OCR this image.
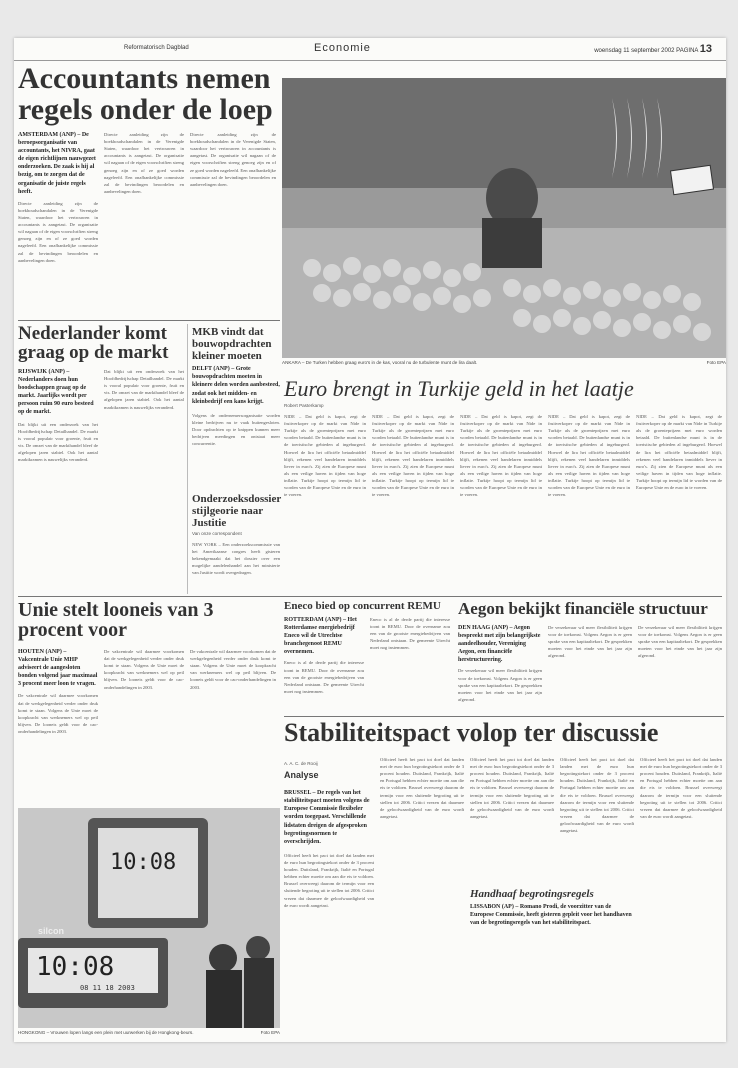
Reformatorisch Dagblad	Economie	woensdag 11 september 2002 PAGINA 13
Accountants nemen regels onder de loep

AMSTERDAM (ANP) – De beroepsorganisatie van accountants, het NIVRA, gaat de eigen richtlijnen nauwgezet onderzoeken. De zaak is hij al bezig, om te zorgen dat de organisatie de juiste regels heeft.

Directe aanleiding zijn de boekhoudschandalen in de Verenigde Staten, waardoor het vertrouwen in accountants is aangetast. De organisatie wil nagaan of de eigen voorschriften streng genoeg zijn en of ze goed worden nageleefd. Een onafhankelijke commissie zal de bevindingen beoordelen en aanbevelingen doen.

Directe aanleiding zijn de boekhoudschandalen in de Verenigde Staten, waardoor het vertrouwen in accountants is aangetast. De organisatie wil nagaan of de eigen voorschriften streng genoeg zijn en of ze goed worden nageleefd. Een onafhankelijke commissie zal de bevindingen beoordelen en aanbevelingen doen.

Directe aanleiding zijn de boekhoudschandalen in de Verenigde Staten, waardoor het vertrouwen in accountants is aangetast. De organisatie wil nagaan of de eigen voorschriften streng genoeg zijn en of ze goed worden nageleefd. Een onafhankelijke commissie zal de bevindingen beoordelen en aanbevelingen doen.

ANKARA – De Turken hebben graag euro's in de kas, vooral nu de turbulente munt de lira daalt.	Foto EPA
Nederlander komt graag op de markt

RIJSWIJK (ANP) – Nederlanders doen hun boodschappen graag op de markt. Jaarlijks wordt per persoon ruim 90 euro besteed op de markt.

Dat blijkt uit een onderzoek van het Hoofdbedrijfschap Detailhandel. De markt is vooral populair voor groente, fruit en vis. De omzet van de markthandel bleef de afgelopen jaren stabiel. Ook het aantal marktkramen is nauwelijks veranderd.

Dat blijkt uit een onderzoek van het Hoofdbedrijfschap Detailhandel. De markt is vooral populair voor groente, fruit en vis. De omzet van de markthandel bleef de afgelopen jaren stabiel. Ook het aantal marktkramen is nauwelijks veranderd.

MKB vindt dat bouwopdrachten kleiner moeten

DELFT (ANP) – Grote bouwopdrachten moeten in kleinere delen worden aanbesteed, zodat ook het midden- en kleinbedrijf een kans krijgt.

Volgens de ondernemersorganisatie worden kleine bedrijven nu te vaak buitengesloten. Door opdrachten op te knippen kunnen meer bedrijven meedingen en ontstaat meer concurrentie.

Onderzoeksdossier stijlgeorie naar Justitie

Van onze correspondent

NEW YORK – Een onderzoekscommissie van het Amerikaanse congres heeft gisteren bekendgemaakt dat het dossier over een mogelijke aandelenhandel aan het ministerie van Justitie wordt overgedragen.

Euro brengt in Turkije geld in het laatje

Robert Pasterkamp

NIDE – Dat geld is kapot, zegt de fruitverkoper op de markt van Nide in Turkije als de groenteprijzen met euro worden betaald. De buitenlandse munt is in de toeristische gebieden al ingeburgerd. Hoewel de lira het officiële betaalmiddel blijft, rekenen veel handelaren inmiddels liever in euro's. Zij zien de Europese munt als een veilige haven in tijden van hoge inflatie. Turkije hoopt op termijn lid te worden van de Europese Unie en de euro in te voeren.

NIDE – Dat geld is kapot, zegt de fruitverkoper op de markt van Nide in Turkije als de groenteprijzen met euro worden betaald. De buitenlandse munt is in de toeristische gebieden al ingeburgerd. Hoewel de lira het officiële betaalmiddel blijft, rekenen veel handelaren inmiddels liever in euro's. Zij zien de Europese munt als een veilige haven in tijden van hoge inflatie. Turkije hoopt op termijn lid te worden van de Europese Unie en de euro in te voeren.

NIDE – Dat geld is kapot, zegt de fruitverkoper op de markt van Nide in Turkije als de groenteprijzen met euro worden betaald. De buitenlandse munt is in de toeristische gebieden al ingeburgerd. Hoewel de lira het officiële betaalmiddel blijft, rekenen veel handelaren inmiddels liever in euro's. Zij zien de Europese munt als een veilige haven in tijden van hoge inflatie. Turkije hoopt op termijn lid te worden van de Europese Unie en de euro in te voeren.

NIDE – Dat geld is kapot, zegt de fruitverkoper op de markt van Nide in Turkije als de groenteprijzen met euro worden betaald. De buitenlandse munt is in de toeristische gebieden al ingeburgerd. Hoewel de lira het officiële betaalmiddel blijft, rekenen veel handelaren inmiddels liever in euro's. Zij zien de Europese munt als een veilige haven in tijden van hoge inflatie. Turkije hoopt op termijn lid te worden van de Europese Unie en de euro in te voeren.

NIDE – Dat geld is kapot, zegt de fruitverkoper op de markt van Nide in Turkije als de groenteprijzen met euro worden betaald. De buitenlandse munt is in de toeristische gebieden al ingeburgerd. Hoewel de lira het officiële betaalmiddel blijft, rekenen veel handelaren inmiddels liever in euro's. Zij zien de Europese munt als een veilige haven in tijden van hoge inflatie. Turkije hoopt op termijn lid te worden van de Europese Unie en de euro in te voeren.

Unie stelt looneis van 3 procent voor

HOUTEN (ANP) – Vakcentrale Unie MHP adviseert de aangesloten bonden volgend jaar maximaal 3 procent meer loon te vragen.

De vakcentrale wil daarmee voorkomen dat de werkgelegenheid verder onder druk komt te staan. Volgens de Unie moet de koopkracht van werknemers wel op peil blijven. De looneis geldt voor de cao-onderhandelingen in 2003.

De vakcentrale wil daarmee voorkomen dat de werkgelegenheid verder onder druk komt te staan. Volgens de Unie moet de koopkracht van werknemers wel op peil blijven. De looneis geldt voor de cao-onderhandelingen in 2003.

De vakcentrale wil daarmee voorkomen dat de werkgelegenheid verder onder druk komt te staan. Volgens de Unie moet de koopkracht van werknemers wel op peil blijven. De looneis geldt voor de cao-onderhandelingen in 2003.

Eneco bied op concurrent REMU

ROTTERDAM (ANP) – Het Rotterdamse energiebedrijf Eneco wil de Utrechtse branchegenoot REMU overnemen.

Eneco is al de derde partij die interesse toont in REMU. Door de overname zou een van de grootste energiebedrijven van Nederland ontstaan. De gemeente Utrecht moet nog instemmen.

Eneco is al de derde partij die interesse toont in REMU. Door de overname zou een van de grootste energiebedrijven van Nederland ontstaan. De gemeente Utrecht moet nog instemmen.

Aegon bekijkt financiële structuur

DEN HAAG (ANP) – Aegon bespreekt met zijn belangrijkste aandeelhouder, Vereniging Aegon, een financiële herstructurering.

De verzekeraar wil meer flexibiliteit krijgen voor de toekomst. Volgens Aegon is er geen sprake van een kapitaaltekort. De gesprekken moeten voor het einde van het jaar zijn afgerond.

De verzekeraar wil meer flexibiliteit krijgen voor de toekomst. Volgens Aegon is er geen sprake van een kapitaaltekort. De gesprekken moeten voor het einde van het jaar zijn afgerond.

De verzekeraar wil meer flexibiliteit krijgen voor de toekomst. Volgens Aegon is er geen sprake van een kapitaaltekort. De gesprekken moeten voor het einde van het jaar zijn afgerond.

10:08
silcon
10:08
08 11 18 2003
HONGKONG – Vrouwen lopen langs een plein met uurwerken bij de Hongkong-beurs.	Foto EPA
Stabiliteitspact volop ter discussie

A. A. C. de Rooij

Analyse

BRUSSEL – De regels van het stabiliteitspact moeten volgens de Europese Commissie flexibeler worden toegepast. Verschillende lidstaten dreigen de afgesproken begrotingsnormen te overschrijden.

Officieel heeft het pact tot doel dat landen met de euro hun begrotingstekort onder de 3 procent houden. Duitsland, Frankrijk, Italië en Portugal hebben echter moeite om aan die eis te voldoen. Brussel overweegt daarom de termijn voor een sluitende begroting uit te stellen tot 2006. Critici vrezen dat daarmee de geloofwaardigheid van de euro wordt aangetast.

Officieel heeft het pact tot doel dat landen met de euro hun begrotingstekort onder de 3 procent houden. Duitsland, Frankrijk, Italië en Portugal hebben echter moeite om aan die eis te voldoen. Brussel overweegt daarom de termijn voor een sluitende begroting uit te stellen tot 2006. Critici vrezen dat daarmee de geloofwaardigheid van de euro wordt aangetast.

Officieel heeft het pact tot doel dat landen met de euro hun begrotingstekort onder de 3 procent houden. Duitsland, Frankrijk, Italië en Portugal hebben echter moeite om aan die eis te voldoen. Brussel overweegt daarom de termijn voor een sluitende begroting uit te stellen tot 2006. Critici vrezen dat daarmee de geloofwaardigheid van de euro wordt aangetast.

Handhaaf begrotingsregels

LISSABON (AP) – Romano Prodi, de voorzitter van de Europese Commissie, heeft gisteren gepleit voor het handhaven van de begrotingsregels van het stabiliteitspact.

Officieel heeft het pact tot doel dat landen met de euro hun begrotingstekort onder de 3 procent houden. Duitsland, Frankrijk, Italië en Portugal hebben echter moeite om aan die eis te voldoen. Brussel overweegt daarom de termijn voor een sluitende begroting uit te stellen tot 2006. Critici vrezen dat daarmee de geloofwaardigheid van de euro wordt aangetast.

Officieel heeft het pact tot doel dat landen met de euro hun begrotingstekort onder de 3 procent houden. Duitsland, Frankrijk, Italië en Portugal hebben echter moeite om aan die eis te voldoen. Brussel overweegt daarom de termijn voor een sluitende begroting uit te stellen tot 2006. Critici vrezen dat daarmee de geloofwaardigheid van de euro wordt aangetast.
